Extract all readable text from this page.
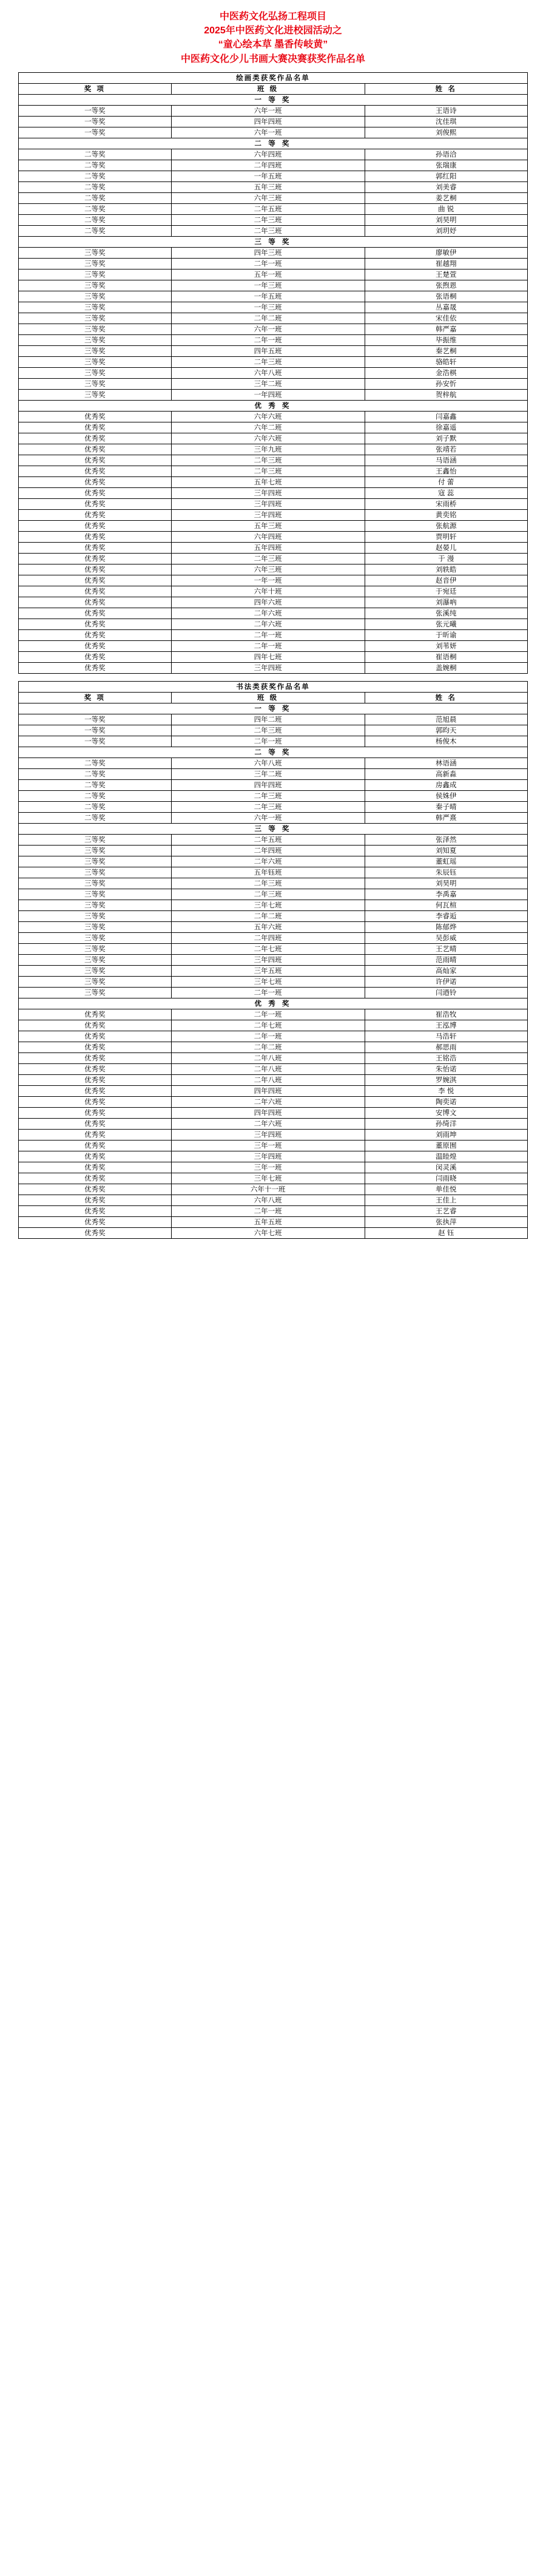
中医药文化弘扬工程项目
2025年中医药文化进校园活动之
“童心绘本草 墨香传岐黄”
中医药文化少儿书画大赛决赛获奖作品名单
绘画类获奖作品名单		
奖 项	班 级	姓 名
一 等 奖		
一等奖	六年一班	王语诗
一等奖	四年四班	沈佳琪
一等奖	六年一班	刘俊熙
二 等 奖		
二等奖	六年四班	孙语洽
二等奖	二年四班	张瑞康
二等奖	一年五班	郭红阳
二等奖	五年三班	刘美睿
二等奖	六年三班	姜艺桐
二等奖	二年五班	曲 锐
二等奖	二年三班	刘昊明
二等奖	二年三班	刘玥妤
三 等 奖		
三等奖	四年三班	廖敏伊
三等奖	二年一班	崔越翔
三等奖	五年一班	王楚萱
三等奖	一年三班	张煦恩
三等奖	一年五班	张语桐
三等奖	一年三班	丛嘉晟
三等奖	二年二班	宋佳依
三等奖	六年一班	韩严嘉
三等奖	二年一班	毕振维
三等奖	四年五班	秦艺桐
三等奖	二年三班	骆皓轩
三等奖	六年八班	金浩棋
三等奖	三年二班	孙安忻
三等奖	一年四班	贺梓航
优 秀 奖		
优秀奖	六年六班	闫嘉鑫
优秀奖	六年二班	徐嘉遥
优秀奖	六年六班	刘子默
优秀奖	三年九班	张靖若
优秀奖	二年三班	马语涵
优秀奖	二年三班	王鑫怡
优秀奖	五年七班	付 蕾
优秀奖	三年四班	寇 蕊
优秀奖	三年四班	宋雨桥
优秀奖	三年四班	黄奕铭
优秀奖	五年三班	张航源
优秀奖	六年四班	贾明轩
优秀奖	五年四班	赵晏儿
优秀奖	二年三班	于 漫
优秀奖	六年三班	刘轶皓
优秀奖	一年一班	赵音伊
优秀奖	六年十班	于宛廷
优秀奖	四年六班	刘瀑吶
优秀奖	二年六班	张溪纯
优秀奖	二年六班	张元曦
优秀奖	二年一班	于昕谕
优秀奖	二年一班	刘苇妍
优秀奖	四年七班	崔语桐
优秀奖	三年四班	盖婉桐
书法类获奖作品名单		
奖 项	班 级	姓 名
一 等 奖		
一等奖	四年二班	范旭晨
一等奖	二年三班	郭昀天
一等奖	二年一班	杨俊木
二 等 奖		
二等奖	六年八班	林语涵
二等奖	三年二班	高新淼
二等奖	四年四班	房鑫成
二等奖	二年三班	侯姝伊
二等奖	二年三班	秦子晴
二等奖	六年一班	韩严熹
三 等 奖		
三等奖	二年五班	张泽然
三等奖	二年四班	刘知夏
三等奖	二年六班	董虹瑶
三等奖	五年钰班	朱辰钰
三等奖	二年三班	刘昊明
三等奖	二年三班	李禹嘉
三等奖	三年七班	何瓦楦
三等奖	二年二班	李睿逅
三等奖	五年六班	陈郁烨
三等奖	二年四班	吴彭威
三等奖	二年七班	王艺晴
三等奖	三年四班	范雨晴
三等奖	三年五班	高灿家
三等奖	三年七班	许伊诺
三等奖	二年一班	闫迺铃
优 秀 奖		
优秀奖	二年一班	崔浩牧
优秀奖	二年七班	王泓博
优秀奖	二年一班	马浩轩
优秀奖	二年二班	郝思雨
优秀奖	二年八班	王铭浩
优秀奖	二年八班	朱怡诺
优秀奖	二年八班	罗婉淇
优秀奖	四年四班	李 悦
优秀奖	二年六班	陶奕诺
优秀奖	四年四班	安博文
优秀奖	二年六班	孙绮洋
优秀奖	三年四班	刘雨坤
优秀奖	三年一班	董原囿
优秀奖	三年四班	温睦煌
优秀奖	三年一班	闵灵溪
优秀奖	三年七班	闫雨晓
优秀奖	六年十一班	单佳悦
优秀奖	六年八班	王佳上
优秀奖	二年一班	王艺睿
优秀奖	五年五班	张执萍
优秀奖	六年七班	赵 钰
